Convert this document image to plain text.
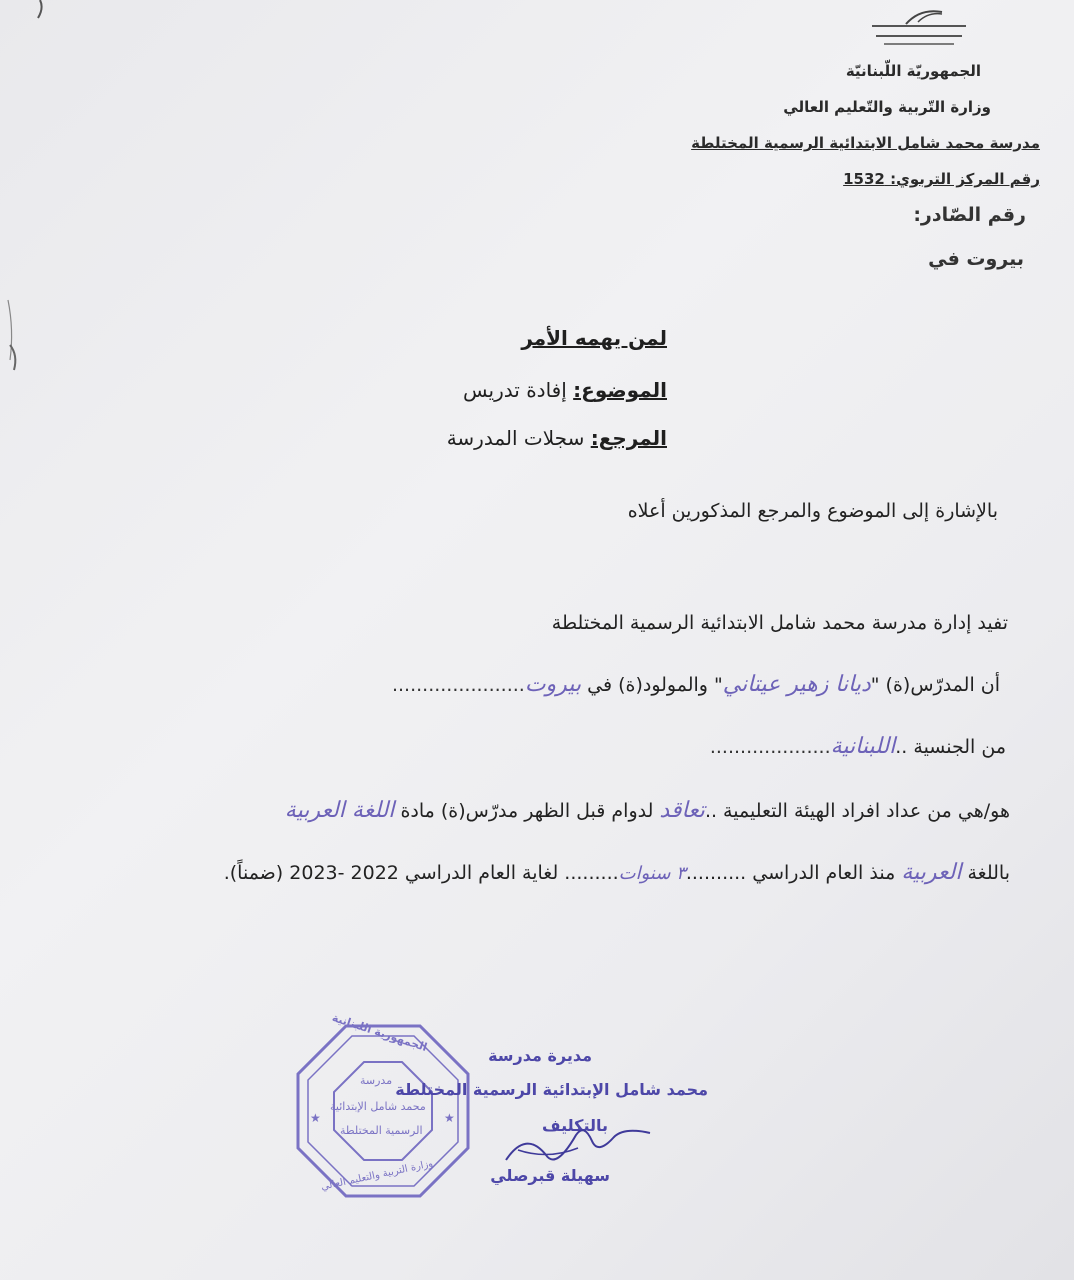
الجمهوريّة اللّبنانيّة
وزارة التّربية والتّعليم العالي
مدرسة محمد شامل الابتدائية الرسمية المختلطة
رقم المركز التربوي: 1532
رقم الصّادر:
بيروت في
لمن يهمه الأمر
الموضوع: إفادة تدريس
المرجع: سجلات المدرسة
بالإشارة إلى الموضوع والمرجع المذكورين أعلاه
تفيد إدارة مدرسة محمد شامل الابتدائية الرسمية المختلطة
أن المدرّس(ة) "ديانا زهير عيتاني" والمولود(ة) في بيروت......................
من الجنسية ..اللبنانية....................
هو/هي من عداد افراد الهيئة التعليمية ..تعاقد لدوام قبل الظهر مدرّس(ة) مادة اللغة العربية
باللغة العربية منذ العام الدراسي ..........٣ سنوات......... لغاية العام الدراسي 2022 -2023 (ضمناً).
★	★
الجمهورية اللبنانية
وزارة التربية والتعليم العالي
مدرسة
محمد شامل الإبتدائية
الرسمية المختلطة
مديرة مدرسة
محمد شامل الإبتدائية الرسمية المختلطة
بالتكليف
سهيلة قبرصلي
